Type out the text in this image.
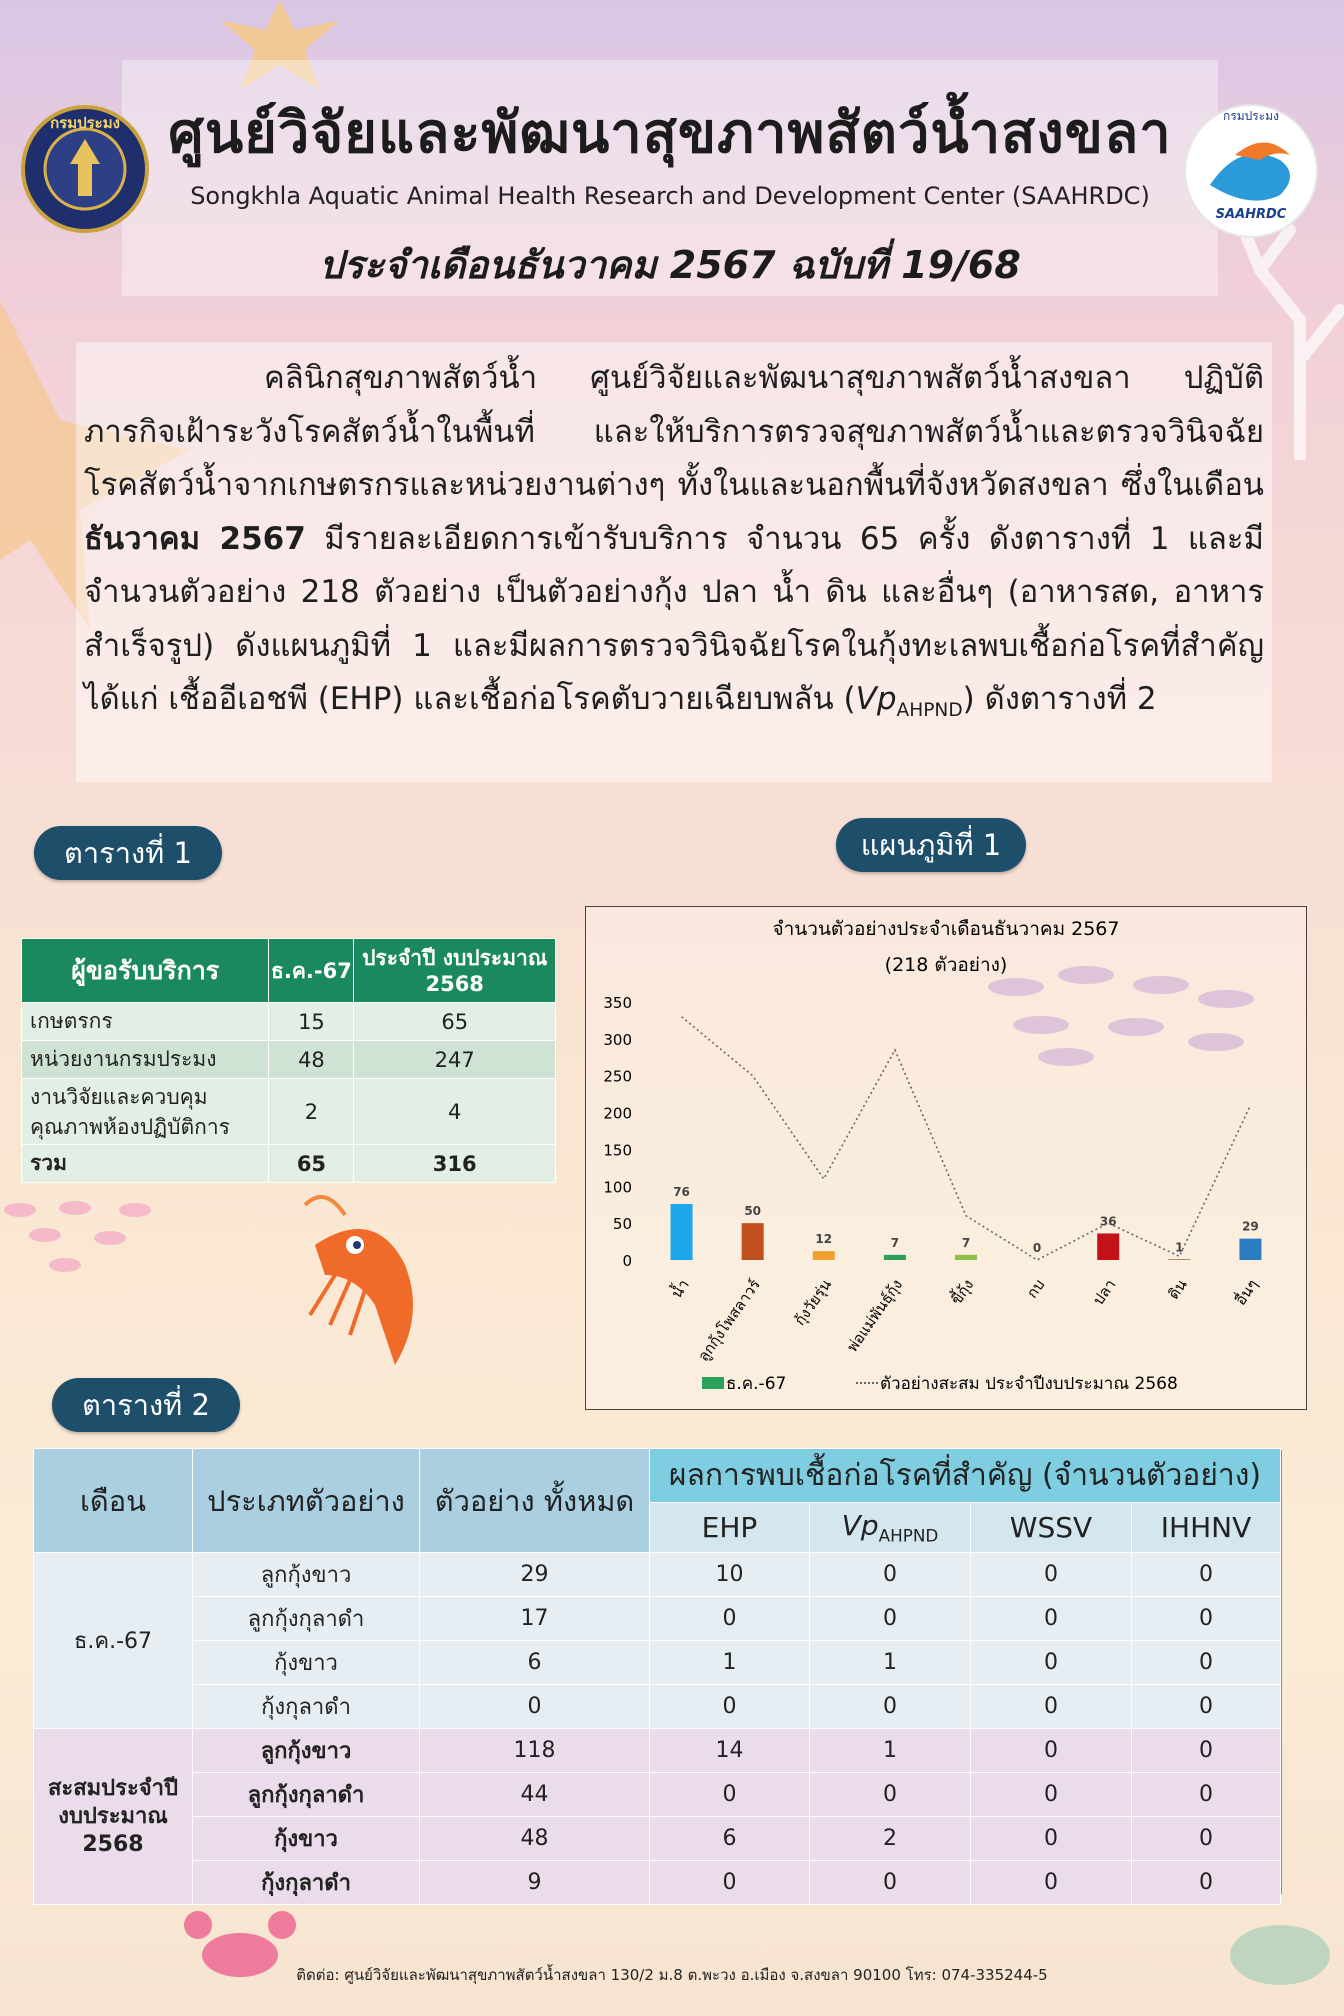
กรมประมง ศูนย์วิจัยและพัฒนาสุขภาพสัตว์น้ำสงขลา
Songkhla Aquatic Animal Health Research and Development Center (SAAHRDC)
ประจำเดือนธันวาคม 2567 ฉบับที่ 19/68
กรมประมง
SAAHRDC
คลินิกสุขภาพสัตว์น้ำ ศูนย์วิจัยและพัฒนาสุขภาพสัตว์น้ำสงขลา ปฏิบัติภารกิจเฝ้าระวังโรคสัตว์น้ำในพื้นที่ และให้บริการตรวจสุขภาพสัตว์น้ำและตรวจวินิจฉัยโรคสัตว์น้ำจากเกษตรกรและหน่วยงานต่างๆ ทั้งในและนอกพื้นที่จังหวัดสงขลา ซึ่งในเดือนธันวาคม 2567 มีรายละเอียดการเข้ารับบริการ จำนวน 65 ครั้ง ดังตารางที่ 1 และมีจำนวนตัวอย่าง 218 ตัวอย่าง เป็นตัวอย่างกุ้ง ปลา น้ำ ดิน และอื่นๆ (อาหารสด, อาหารสำเร็จรูป) ดังแผนภูมิที่ 1 และมีผลการตรวจวินิจฉัยโรคในกุ้งทะเลพบเชื้อก่อโรคที่สำคัญ ได้แก่ เชื้ออีเอชพี (EHP) และเชื้อก่อโรคตับวายเฉียบพลัน $(Vp_{AHPND})$ ดังตารางที่ 2
ตารางที่ 1	แผนภูมิที่ 1
ตารางที่ 2
ผู้ขอรับบริการ	ธ.ค.-67	ประจำปี งบประมาณ 2568
เกษตรกร	15	65
หน่วยงานกรมประมง	48	247
งานวิจัยและควบคุมคุณภาพห้องปฏิบัติการ	2	4
รวม	65	316
จำนวนตัวอย่างประจำเดือนธันวาคม 2567
(218 ตัวอย่าง)
350
300
250
200
150
100
50
0
76
50
12	7	7	0
36
1
29
น้ำ ลูกกุ้งโพสลาวร์ กุ้งวัยรุ่น พ่อแม่พันธุ์กุ้ง	ขี้กุ้ง	กบ	ปลา	ดิน	อื่นๆ
ธ.ค.-67	ตัวอย่างสะสม ประจำปีงบประมาณ 2568
เดือน	ประเภทตัวอย่าง	ตัวอย่าง ทั้งหมด	ผลการพบเชื้อก่อโรคที่สำคัญ (จำนวนตัวอย่าง)			
			EHP	$Vp_{AHPND}$	WSSV	IHHNV
ธ.ค.-67	ลูกกุ้งขาว	29	10	0	0	0
	ลูกกุ้งกุลาดำ	17	0	0	0	0
	กุ้งขาว	6	1	1	0	0
	กุ้งกุลาดำ	0	0	0	0	0
สะสมประจำปี งบประมาณ 2568	ลูกกุ้งขาว	118	14	1	0	0
	ลูกกุ้งกุลาดำ	44	0	0	0	0
	กุ้งขาว	48	6	2	0	0
	กุ้งกุลาดำ	9	0	0	0	0
ติดต่อ: ศูนย์วิจัยและพัฒนาสุขภาพสัตว์น้ำสงขลา 130/2 ม.8 ต.พะวง อ.เมือง จ.สงขลา 90100 โทร: 074-335244-5
